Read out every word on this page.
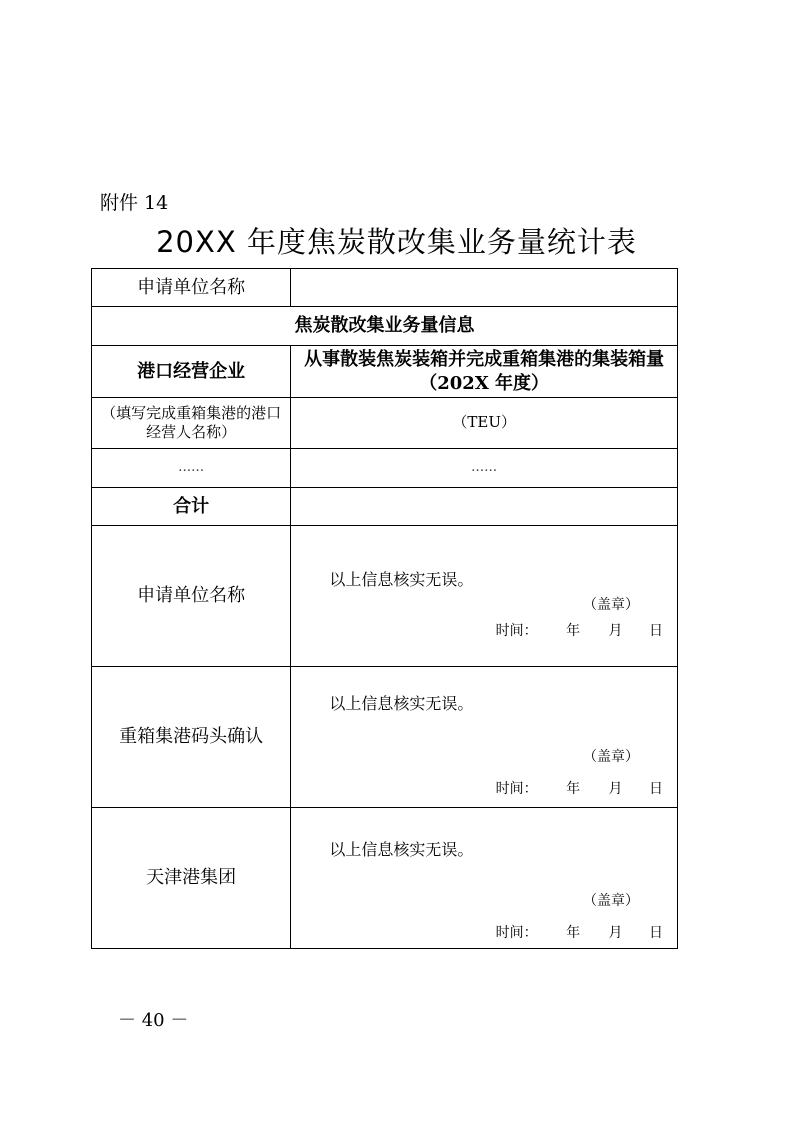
附件 14

20XX 年度焦炭散改集业务量统计表
申请单位名称	
焦炭散改集业务量信息	
港口经营企业	从事散装焦炭装箱并完成重箱集港的集装箱量（202X 年度）
（填写完成重箱集港的港口经营人名称）	（TEU）
……	……
合计	
申请单位名称	以上信息核实无误。
（盖章）
时间： 年 月 日

重箱集港码头确认	以上信息核实无误。
（盖章）
时间： 年 月 日

天津港集团	以上信息核实无误。
（盖章）
时间： 年 月 日
－ 40 －
